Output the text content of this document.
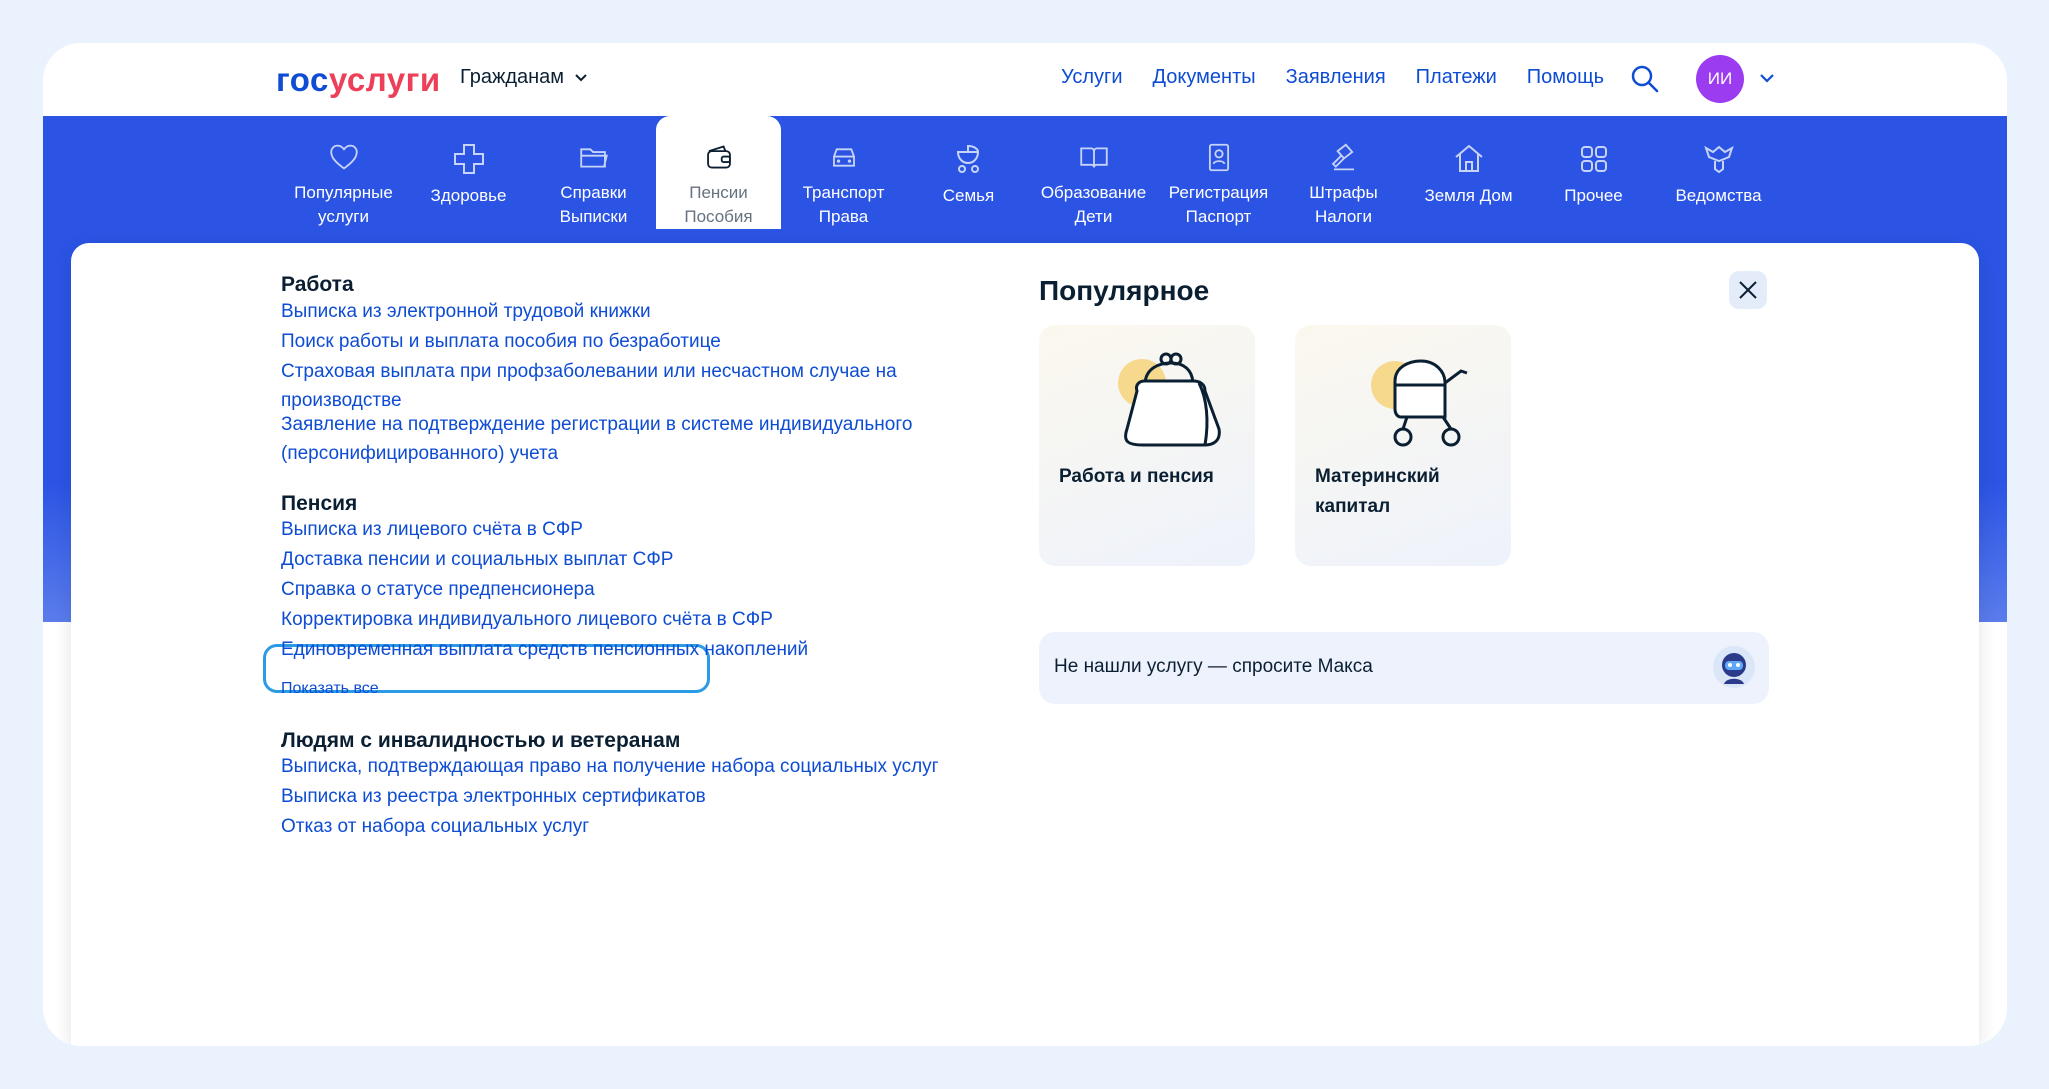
госуслуги Гражданам	Услуги Документы Заявления Платежи Помощь	ИИ
Популярные
услуги
Здоровье	Справки
Выписки
Пенсии
Пособия
Транспорт
Права
Семья	Образование
Дети
Регистрация
Паспорт
Штрафы
Налоги
Земля Дом	Прочее	Ведомства
Работа
Выписка из электронной трудовой книжки
Поиск работы и выплата пособия по безработице
Страховая выплата при профзаболевании или несчастном случае на производстве
Заявление на подтверждение регистрации в системе индивидуального (персонифицированного) учета
Пенсия
Выписка из лицевого счёта в СФР
Доставка пенсии и социальных выплат СФР
Справка о статусе предпенсионера
Корректировка индивидуального лицевого счёта в СФР
Единовременная выплата средств пенсионных накоплений
Показать все
Людям с инвалидностью и ветеранам
Выписка, подтверждающая право на получение набора социальных услуг
Выписка из реестра электронных сертификатов
Отказ от набора социальных услуг
Популярное
Работа и пенсия	Материнский капитал
Не нашли услугу — спросите Макса
